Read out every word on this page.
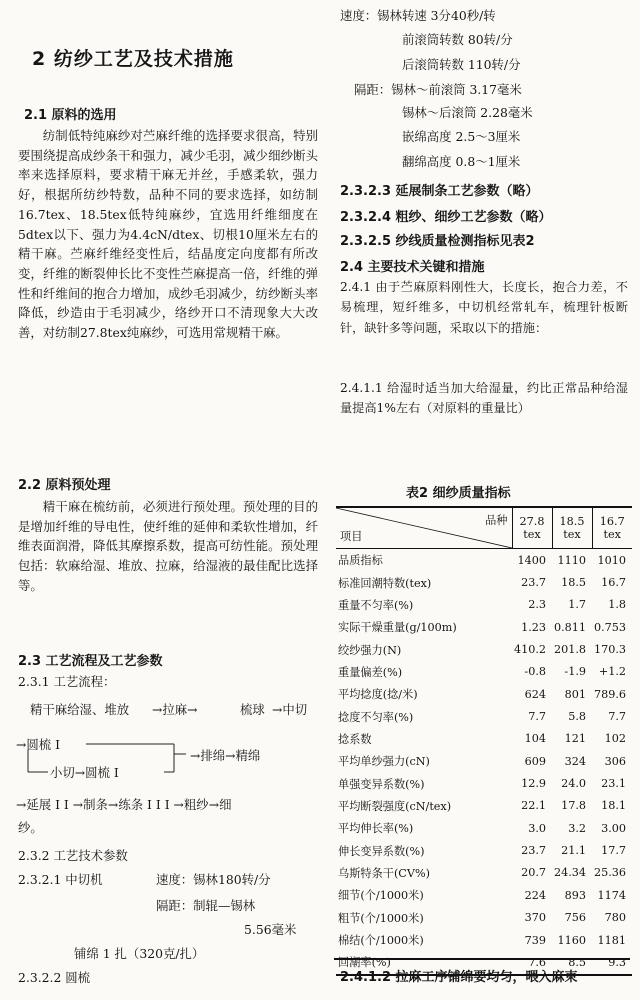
2 纺纱工艺及技术措施
2.1 原料的选用
纺制低特纯麻纱对苎麻纤维的选择要求很高，特别要围绕提高成纱条干和强力，减少毛羽，减少细纱断头率来选择原料，要求精干麻无并丝，手感柔软，强力好，根据所纺纱特数，品种不同的要求选择，如纺制16.7tex、18.5tex低特纯麻纱，宜选用纤维细度在5dtex以下、强力为4.4cN/dtex、切根10厘米左右的精干麻。苎麻纤维经变性后，结晶度定向度都有所改变，纤维的断裂伸长比不变性苎麻提高一倍，纤维的弹性和纤维间的抱合力增加，成纱毛羽减少，纺纱断头率降低，纱造由于毛羽减少，络纱开口不清现象大大改善，对纺制27.8tex纯麻纱，可选用常规精干麻。
2.2 原料预处理
精干麻在梳纺前，必须进行预处理。预处理的目的是增加纤维的导电性，使纤维的延伸和柔软性增加，纤维表面润滑，降低其摩擦系数，提高可纺性能。预处理包括：软麻给湿、堆放、拉麻，给湿液的最佳配比选择等。
2.3 工艺流程及工艺参数
2.3.1 工艺流程：
精干麻给湿、堆放 →拉麻→	梳球 →中切
→圆梳 I
→排绵→精绵
小切→圆梳 I
→延展 I I →制条→练条 I I I →粗纱→细
纱。
2.3.2 工艺技术参数
2.3.2.1 中切机	速度：锡林180转/分
隔距：制辊—锡林
5.56毫米
铺绵 1 扎（320克/扎）
2.3.2.2 圆梳
速度：锡林转速 3分40秒/转
前滚筒转数 80转/分
后滚筒转数 110转/分
隔距：锡林～前滚筒 3.17毫米
锡林～后滚筒 2.28毫米
嵌绵高度 2.5～3厘米
翻绵高度 0.8～1厘米
2.3.2.3 延展制条工艺参数（略）
2.3.2.4 粗纱、细纱工艺参数（略）
2.3.2.5 纱线质量检测指标见表2
2.4 主要技术关键和措施
2.4.1 由于苎麻原料刚性大，长度长，抱合力差，不易梳理，短纤维多，中切机经常轧车，梳理针板断针，缺针多等问题，采取以下的措施：
2.4.1.1 给湿时适当加大给湿量，约比正常品种给湿量提高1%左右（对原料的重量比）
表2 细纱质量指标
品种
项目	27.8 tex	18.5 tex	16.7 tex
品质指标	1400	1110	1010
标准回潮特数(tex)	23.7	18.5	16.7
重量不匀率(%)	2.3	1.7	1.8
实际干燥重量(g/100m)	1.23	0.811	0.753
绞纱强力(N)	410.2	201.8	170.3
重量偏差(%)	-0.8	-1.9	+1.2
平均捻度(捻/米)	624	801	789.6
捻度不匀率(%)	7.7	5.8	7.7
捻系数	104	121	102
平均单纱强力(cN)	609	324	306
单强变异系数(%)	12.9	24.0	23.1
平均断裂强度(cN/tex)	22.1	17.8	18.1
平均伸长率(%)	3.0	3.2	3.00
伸长变异系数(%)	23.7	21.1	17.7
乌斯特条干(CV%)	20.7	24.34	25.36
细节(个/1000米)	224	893	1174
粗节(个/1000米)	370	756	780
棉结(个/1000米)	739	1160	1181
回潮率(%)	7.6	8.5	9.3
2.4.1.2 拉麻工序铺绵要均匀，喂入麻束
